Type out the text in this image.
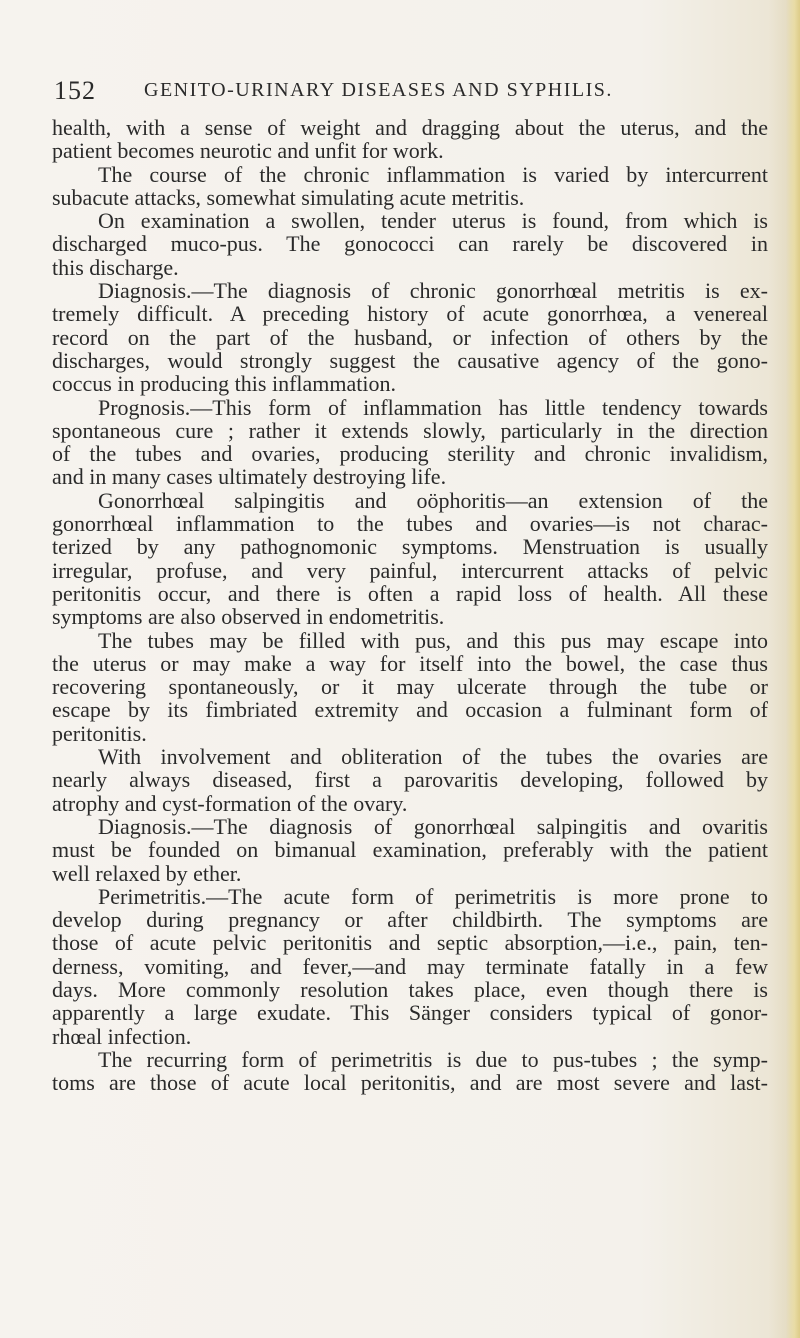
152 GENITO-URINARY DISEASES AND SYPHILIS.
health, with a sense of weight and dragging about the uterus, and the
patient becomes neurotic and unfit for work.
The course of the chronic inflammation is varied by intercurrent
subacute attacks, somewhat simulating acute metritis.
On examination a swollen, tender uterus is found, from which is
discharged muco-pus. The gonococci can rarely be discovered in
this discharge.
Diagnosis.—The diagnosis of chronic gonorrhœal metritis is ex-
tremely difficult. A preceding history of acute gonorrhœa, a venereal
record on the part of the husband, or infection of others by the
discharges, would strongly suggest the causative agency of the gono-
coccus in producing this inflammation.
Prognosis.—This form of inflammation has little tendency towards
spontaneous cure ; rather it extends slowly, particularly in the direction
of the tubes and ovaries, producing sterility and chronic invalidism,
and in many cases ultimately destroying life.
Gonorrhœal salpingitis and oöphoritis—an extension of the
gonorrhœal inflammation to the tubes and ovaries—is not charac-
terized by any pathognomonic symptoms. Menstruation is usually
irregular, profuse, and very painful, intercurrent attacks of pelvic
peritonitis occur, and there is often a rapid loss of health. All these
symptoms are also observed in endometritis.
The tubes may be filled with pus, and this pus may escape into
the uterus or may make a way for itself into the bowel, the case thus
recovering spontaneously, or it may ulcerate through the tube or
escape by its fimbriated extremity and occasion a fulminant form of
peritonitis.
With involvement and obliteration of the tubes the ovaries are
nearly always diseased, first a parovaritis developing, followed by
atrophy and cyst-formation of the ovary.
Diagnosis.—The diagnosis of gonorrhœal salpingitis and ovaritis
must be founded on bimanual examination, preferably with the patient
well relaxed by ether.
Perimetritis.—The acute form of perimetritis is more prone to
develop during pregnancy or after childbirth. The symptoms are
those of acute pelvic peritonitis and septic absorption,—i.e., pain, ten-
derness, vomiting, and fever,—and may terminate fatally in a few
days. More commonly resolution takes place, even though there is
apparently a large exudate. This Sänger considers typical of gonor-
rhœal infection.
The recurring form of perimetritis is due to pus-tubes ; the symp-
toms are those of acute local peritonitis, and are most severe and last-
